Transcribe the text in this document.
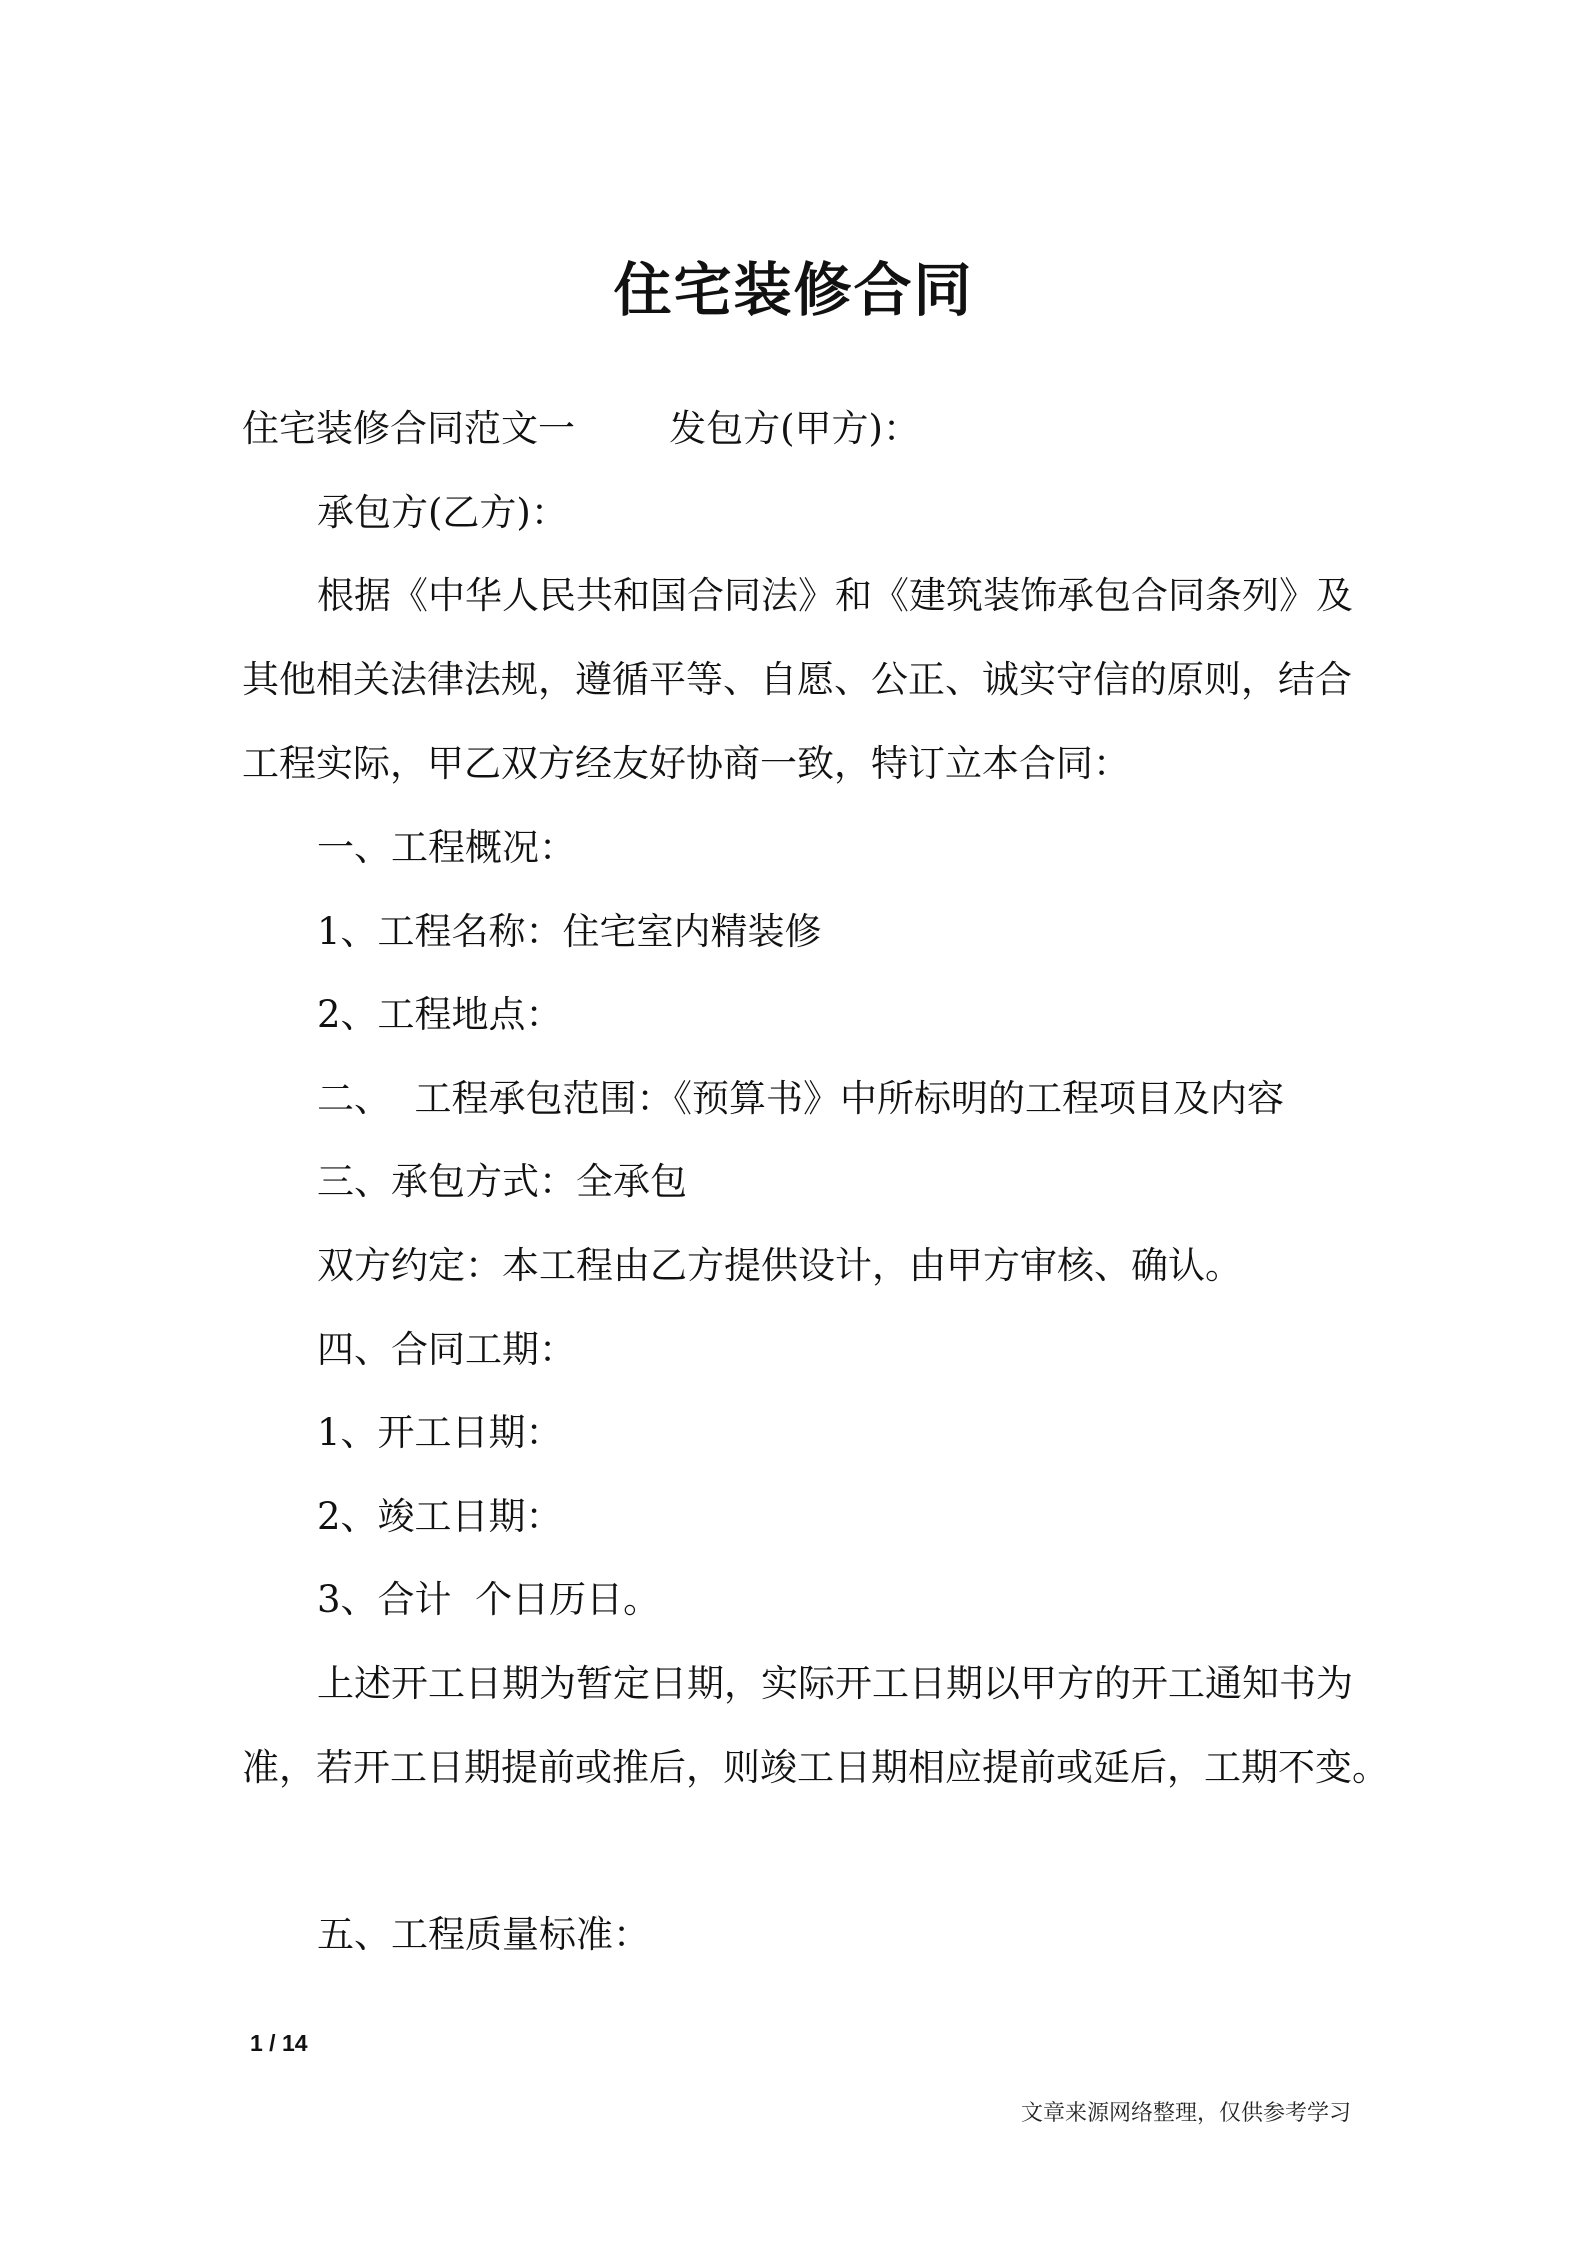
住宅装修合同
住宅装修合同范文一        发包方(甲方)：
承包方(乙方)：
根据《中华人民共和国合同法》和《建筑装饰承包合同条列》及
其他相关法律法规，遵循平等、自愿、公正、诚实守信的原则，结合
工程实际，甲乙双方经友好协商一致，特订立本合同：
一、工程概况：
1、工程名称：住宅室内精装修
2、工程地点：
二、  工程承包范围：《预算书》中所标明的工程项目及内容
三、承包方式：全承包
双方约定：本工程由乙方提供设计，由甲方审核、确认。
四、合同工期：
1、开工日期：
2、竣工日期：
3、合计  个日历日。
上述开工日期为暂定日期，实际开工日期以甲方的开工通知书为
准，若开工日期提前或推后，则竣工日期相应提前或延后，工期不变。
五、工程质量标准：
1 / 14
文章来源网络整理，仅供参考学习
